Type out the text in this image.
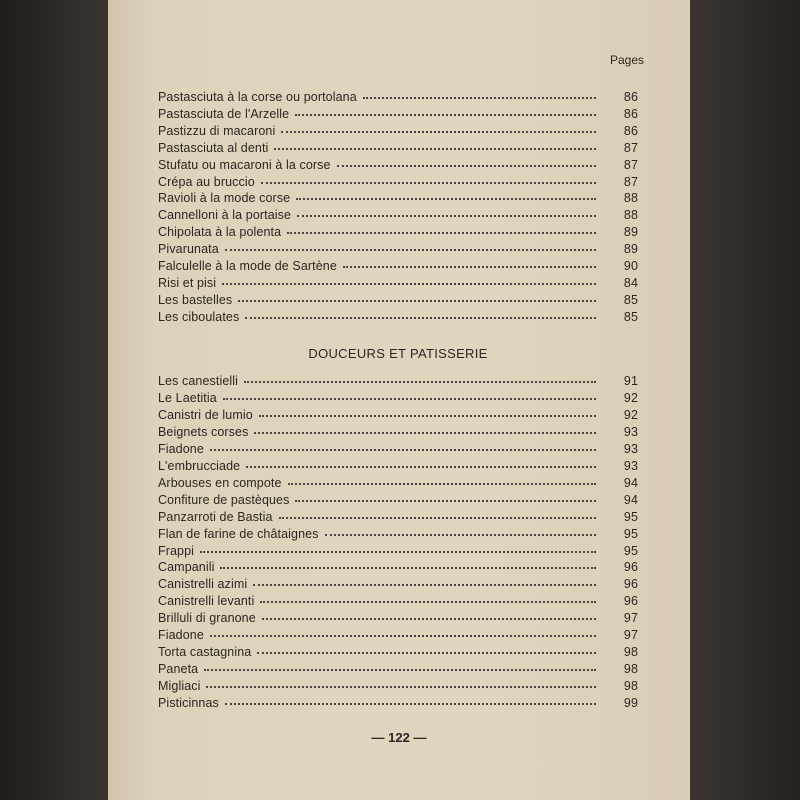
Pages
Pastasciuta à la corse ou portolana	86
Pastasciuta de l'Arzelle	86
Pastizzu di macaroni	86
Pastasciuta al denti	87
Stufatu ou macaroni à la corse	87
Crépa au bruccio	87
Ravioli à la mode corse	88
Cannelloni à la portaise	88
Chipolata à la polenta	89
Pivarunata	89
Falculelle à la mode de Sartène	90
Risi et pisi	84
Les bastelles	85
Les ciboulates	85
DOUCEURS ET PATISSERIE
Les canestielli	91
Le Laetitia	92
Canistri de lumio	92
Beignets corses	93
Fiadone	93
L'embrucciade	93
Arbouses en compote	94
Confiture de pastèques	94
Panzarroti de Bastia	95
Flan de farine de châtaignes	95
Frappi	95
Campanili	96
Canistrelli azimi	96
Canistrelli levanti	96
Brilluli di granone	97
Fiadone	97
Torta castagnina	98
Paneta	98
Migliaci	98
Pisticinnas	99
— 122 —
